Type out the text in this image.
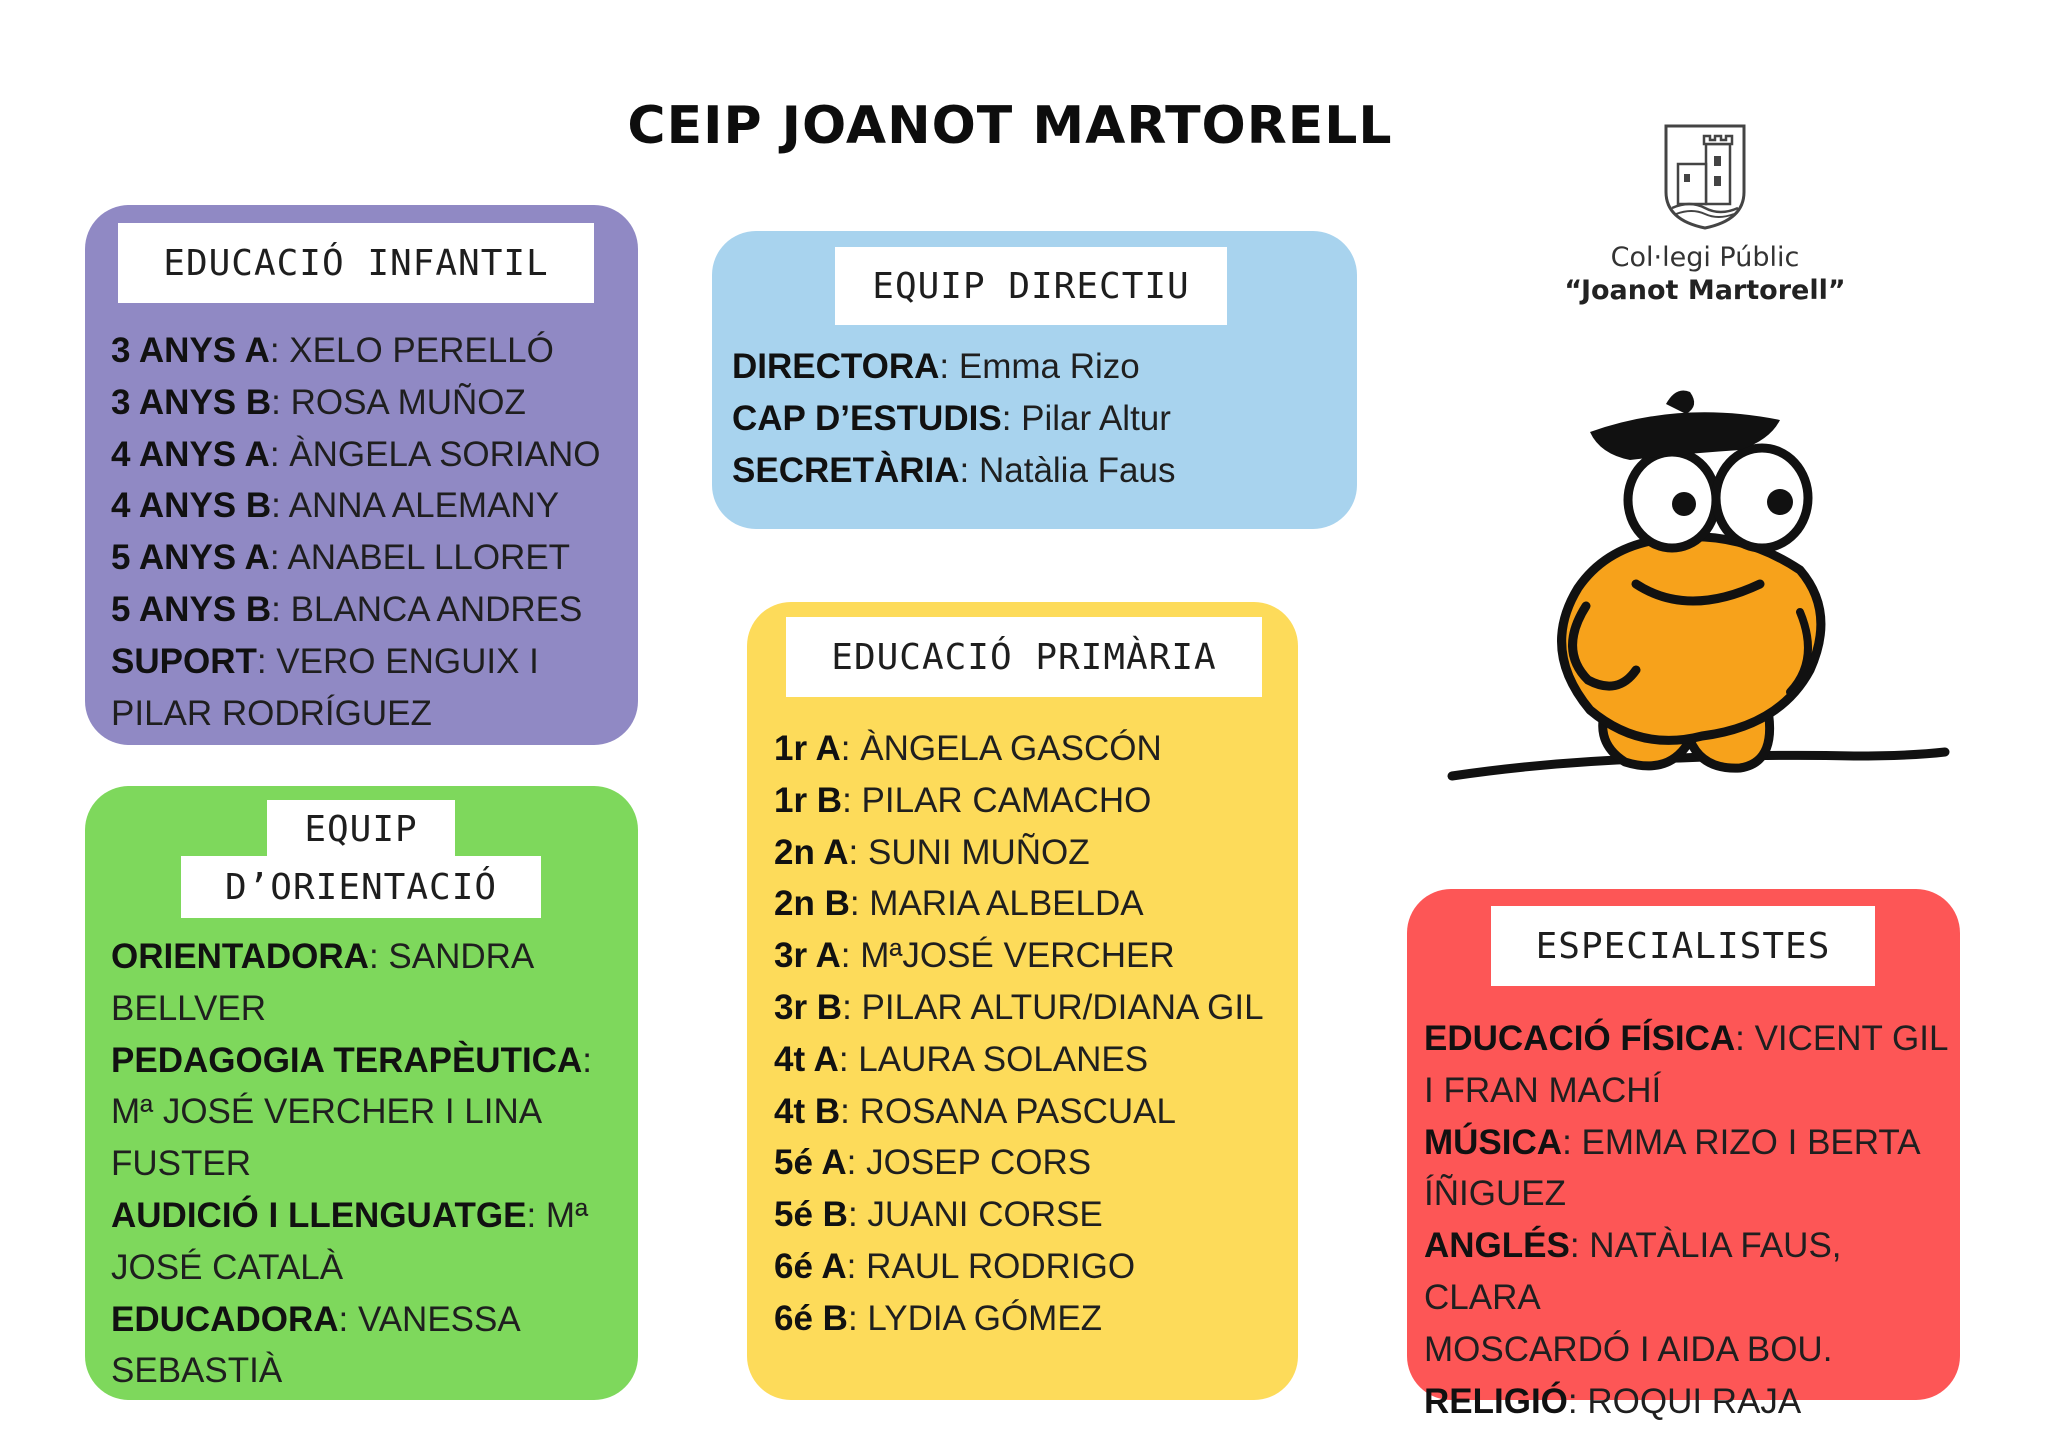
CEIP JOANOT MARTORELL
Col·legi Públic
“Joanot Martorell”
EDUCACIÓ INFANTIL
3 ANYS A: XELO PERELLÓ
3 ANYS B: ROSA MUÑOZ
4 ANYS A: ÀNGELA SORIANO
4 ANYS B: ANNA ALEMANY
5 ANYS A: ANABEL LLORET
5 ANYS B: BLANCA ANDRES
SUPORT: VERO ENGUIX I
PILAR RODRÍGUEZ
EQUIP DIRECTIU
DIRECTORA: Emma Rizo
CAP D’ESTUDIS: Pilar Altur
SECRETÀRIA: Natàlia Faus
EQUIP
D’ORIENTACIÓ
ORIENTADORA: SANDRA
BELLVER
PEDAGOGIA TERAPÈUTICA:
Mª JOSÉ VERCHER I LINA
FUSTER
AUDICIÓ I LLENGUATGE: Mª
JOSÉ CATALÀ
EDUCADORA: VANESSA
SEBASTIÀ
EDUCACIÓ PRIMÀRIA
1r A: ÀNGELA GASCÓN
1r B: PILAR CAMACHO
2n A: SUNI MUÑOZ
2n B: MARIA ALBELDA
3r A: MªJOSÉ VERCHER
3r B: PILAR ALTUR/DIANA GIL
4t A: LAURA SOLANES
4t B: ROSANA PASCUAL
5é A: JOSEP CORS
5é B: JUANI CORSE
6é A: RAUL RODRIGO
6é B: LYDIA GÓMEZ
ESPECIALISTES
EDUCACIÓ FÍSICA: VICENT GIL
I FRAN MACHÍ
MÚSICA: EMMA RIZO I BERTA
ÍÑIGUEZ
ANGLÉS: NATÀLIA FAUS, CLARA
MOSCARDÓ I AIDA BOU.
RELIGIÓ: ROQUI RAJA
